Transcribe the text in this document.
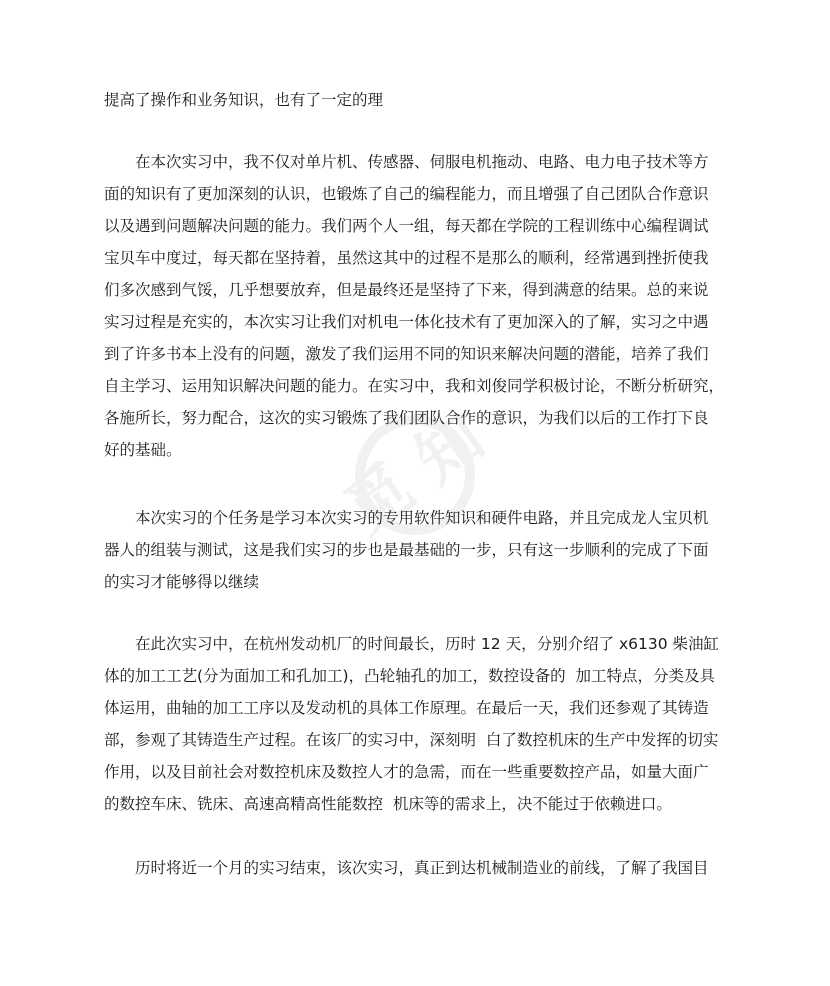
觅 知
提高了操作和业务知识，也有了一定的理
在本次实习中，我不仅对单片机、传感器、伺服电机拖动、电路、电力电子技术等方
面的知识有了更加深刻的认识，也锻炼了自己的编程能力，而且增强了自己团队合作意识
以及遇到问题解决问题的能力。我们两个人一组，每天都在学院的工程训练中心编程调试
宝贝车中度过，每天都在坚持着，虽然这其中的过程不是那么的顺利，经常遇到挫折使我
们多次感到气馁，几乎想要放弃，但是最终还是坚持了下来，得到满意的结果。总的来说
实习过程是充实的，本次实习让我们对机电一体化技术有了更加深入的了解，实习之中遇
到了许多书本上没有的问题，激发了我们运用不同的知识来解决问题的潜能，培养了我们
自主学习、运用知识解决问题的能力。在实习中，我和刘俊同学积极讨论，不断分析研究，
各施所长，努力配合，这次的实习锻炼了我们团队合作的意识，为我们以后的工作打下良
好的基础。
本次实习的个任务是学习本次实习的专用软件知识和硬件电路，并且完成龙人宝贝机
器人的组装与测试，这是我们实习的步也是最基础的一步，只有这一步顺利的完成了下面
的实习才能够得以继续
在此次实习中，在杭州发动机厂的时间最长，历时 12 天，分别介绍了 x6130 柴油缸
体的加工工艺(分为面加工和孔加工)，凸轮轴孔的加工，数控设备的  加工特点，分类及具
体运用，曲轴的加工工序以及发动机的具体工作原理。在最后一天，我们还参观了其铸造
部，参观了其铸造生产过程。在该厂的实习中，深刻明  白了数控机床的生产中发挥的切实
作用，以及目前社会对数控机床及数控人才的急需，而在一些重要数控产品，如量大面广
的数控车床、铣床、高速高精高性能数控  机床等的需求上，决不能过于依赖进口。
历时将近一个月的实习结束，该次实习，真正到达机械制造业的前线，了解了我国目
